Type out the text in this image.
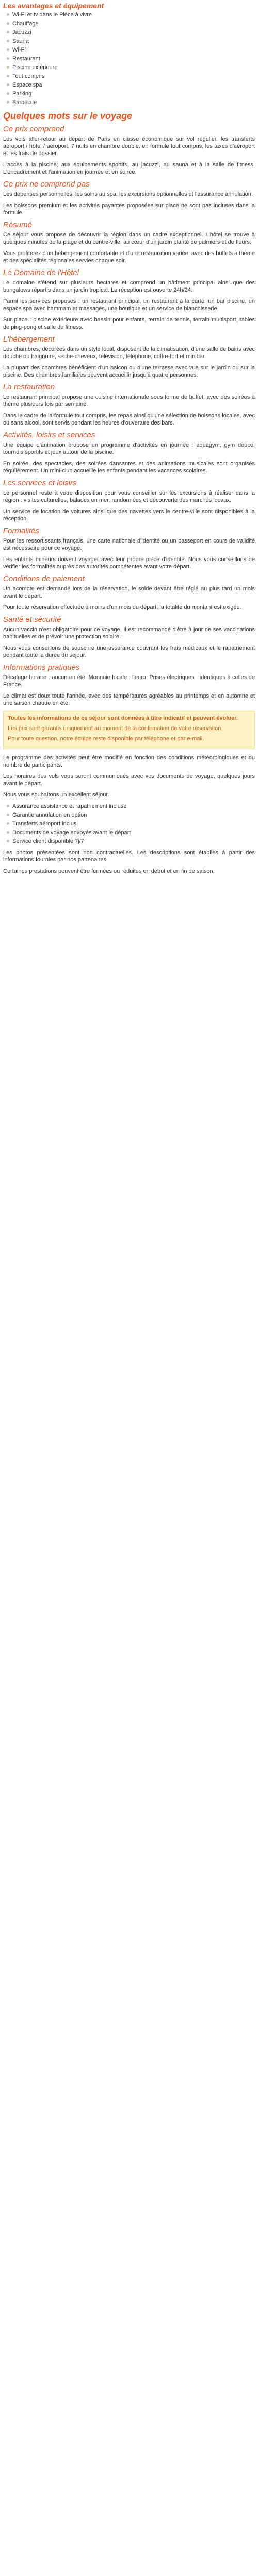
Les avantages et équipement
Wi-Fi et tv dans le Pièce à vivre
Chauffage
Jacuzzi
Sauna
Wi-Fi
Restaurant
Piscine extérieure
Tout compris
Espace spa
Parking
Barbecue
Quelques mots sur le voyage
Ce prix comprend

Les vols aller-retour au départ de Paris en classe économique sur vol régulier, les transferts aéroport / hôtel / aéroport, 7 nuits en chambre double, en formule tout compris, les taxes d'aéroport et les frais de dossier.

L'accès à la piscine, aux équipements sportifs, au jacuzzi, au sauna et à la salle de fitness. L'encadrement et l'animation en journée et en soirée.

Ce prix ne comprend pas

Les dépenses personnelles, les soins au spa, les excursions optionnelles et l'assurance annulation.

Les boissons premium et les activités payantes proposées sur place ne sont pas incluses dans la formule.

Résumé

Ce séjour vous propose de découvrir la région dans un cadre exceptionnel. L'hôtel se trouve à quelques minutes de la plage et du centre-ville, au cœur d'un jardin planté de palmiers et de fleurs.

Vous profiterez d'un hébergement confortable et d'une restauration variée, avec des buffets à thème et des spécialités régionales servies chaque soir.

Le Domaine de l'Hôtel

Le domaine s'étend sur plusieurs hectares et comprend un bâtiment principal ainsi que des bungalows répartis dans un jardin tropical. La réception est ouverte 24h/24.

Parmi les services proposés : un restaurant principal, un restaurant à la carte, un bar piscine, un espace spa avec hammam et massages, une boutique et un service de blanchisserie.

Sur place : piscine extérieure avec bassin pour enfants, terrain de tennis, terrain multisport, tables de ping-pong et salle de fitness.

L'hébergement

Les chambres, décorées dans un style local, disposent de la climatisation, d'une salle de bains avec douche ou baignoire, sèche-cheveux, télévision, téléphone, coffre-fort et minibar.

La plupart des chambres bénéficient d'un balcon ou d'une terrasse avec vue sur le jardin ou sur la piscine. Des chambres familiales peuvent accueillir jusqu'à quatre personnes.

La restauration

Le restaurant principal propose une cuisine internationale sous forme de buffet, avec des soirées à thème plusieurs fois par semaine.

Dans le cadre de la formule tout compris, les repas ainsi qu'une sélection de boissons locales, avec ou sans alcool, sont servis pendant les heures d'ouverture des bars.

Activités, loisirs et services

Une équipe d'animation propose un programme d'activités en journée : aquagym, gym douce, tournois sportifs et jeux autour de la piscine.

En soirée, des spectacles, des soirées dansantes et des animations musicales sont organisés régulièrement. Un mini-club accueille les enfants pendant les vacances scolaires.

Les services et loisirs

Le personnel reste à votre disposition pour vous conseiller sur les excursions à réaliser dans la région : visites culturelles, balades en mer, randonnées et découverte des marchés locaux.

Un service de location de voitures ainsi que des navettes vers le centre-ville sont disponibles à la réception.

Formalités

Pour les ressortissants français, une carte nationale d'identité ou un passeport en cours de validité est nécessaire pour ce voyage.

Les enfants mineurs doivent voyager avec leur propre pièce d'identité. Nous vous conseillons de vérifier les formalités auprès des autorités compétentes avant votre départ.

Conditions de paiement

Un acompte est demandé lors de la réservation, le solde devant être réglé au plus tard un mois avant le départ.

Pour toute réservation effectuée à moins d'un mois du départ, la totalité du montant est exigée.

Santé et sécurité

Aucun vaccin n'est obligatoire pour ce voyage. Il est recommandé d'être à jour de ses vaccinations habituelles et de prévoir une protection solaire.

Nous vous conseillons de souscrire une assurance couvrant les frais médicaux et le rapatriement pendant toute la durée du séjour.

Informations pratiques

Décalage horaire : aucun en été. Monnaie locale : l'euro. Prises électriques : identiques à celles de France.

Le climat est doux toute l'année, avec des températures agréables au printemps et en automne et une saison chaude en été.

Toutes les informations de ce séjour sont données à titre indicatif et peuvent évoluer.

Les prix sont garantis uniquement au moment de la confirmation de votre réservation.

Pour toute question, notre équipe reste disponible par téléphone et par e-mail.

Le programme des activités peut être modifié en fonction des conditions météorologiques et du nombre de participants.

Les horaires des vols vous seront communiqués avec vos documents de voyage, quelques jours avant le départ.

Nous vous souhaitons un excellent séjour.

Assurance assistance et rapatriement incluse
Garantie annulation en option
Transferts aéroport inclus
Documents de voyage envoyés avant le départ
Service client disponible 7j/7

Les photos présentées sont non contractuelles. Les descriptions sont établies à partir des informations fournies par nos partenaires.

Certaines prestations peuvent être fermées ou réduites en début et en fin de saison.
